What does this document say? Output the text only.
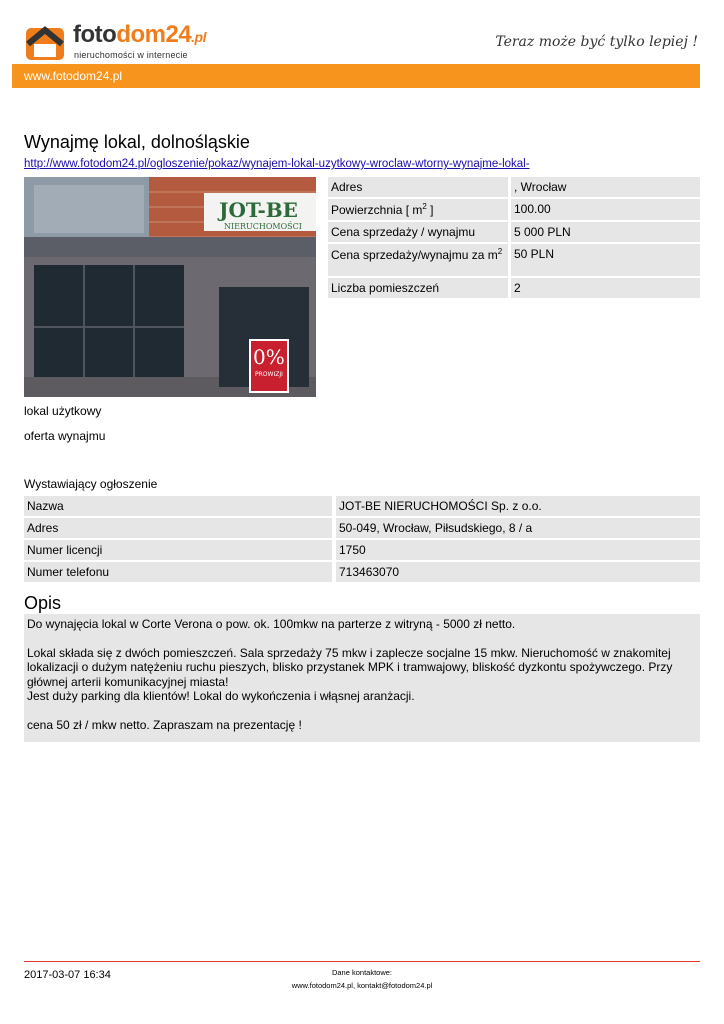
fotodom24.pl
nieruchomości w internecie
Teraz może być tylko lepiej !
www.fotodom24.pl
Wynajmę lokal, dolnośląskie
http://www.fotodom24.pl/ogloszenie/pokaz/wynajem-lokal-uzytkowy-wroclaw-wtorny-wynajme-lokal-
JOT-BE
NIERUCHOMOŚCI
0%
PROWIZJI
Adres	, Wrocław
Powierzchnia [ $m^2$ ]	100.00
Cena sprzedaży / wynajmu	5 000 PLN
Cena sprzedaży/wynajmu za $m^2$ 50 PLN
Liczba pomieszczeń	2
lokal użytkowy
oferta wynajmu
Wystawiający ogłoszenie
Nazwa	JOT-BE NIERUCHOMOŚCI Sp. z o.o.
Adres	50-049, Wrocław, Piłsudskiego, 8 / a
Numer licencji	1750
Numer telefonu	713463070
Opis

Do wynajęcia lokal w Corte Verona o pow. ok. 100mkw na parterze z witryną - 5000 zł netto.

Lokal składa się z dwóch pomieszczeń. Sala sprzedaży 75 mkw i zaplecze socjalne 15 mkw. Nieruchomość w znakomitej lokalizacji o dużym natężeniu ruchu pieszych, blisko przystanek MPK i tramwajowy, bliskość dyzkontu spożywczego. Przy głównej arterii komunikacyjnej miasta!

Jest duży parking dla klientów! Lokal do wykończenia i włąsnej aranżacji.

cena 50 zł / mkw netto. Zapraszam na prezentację !

2017-03-07 16:34	Dane kontaktowe:
www.fotodom24.pl, kontakt@fotodom24.pl
